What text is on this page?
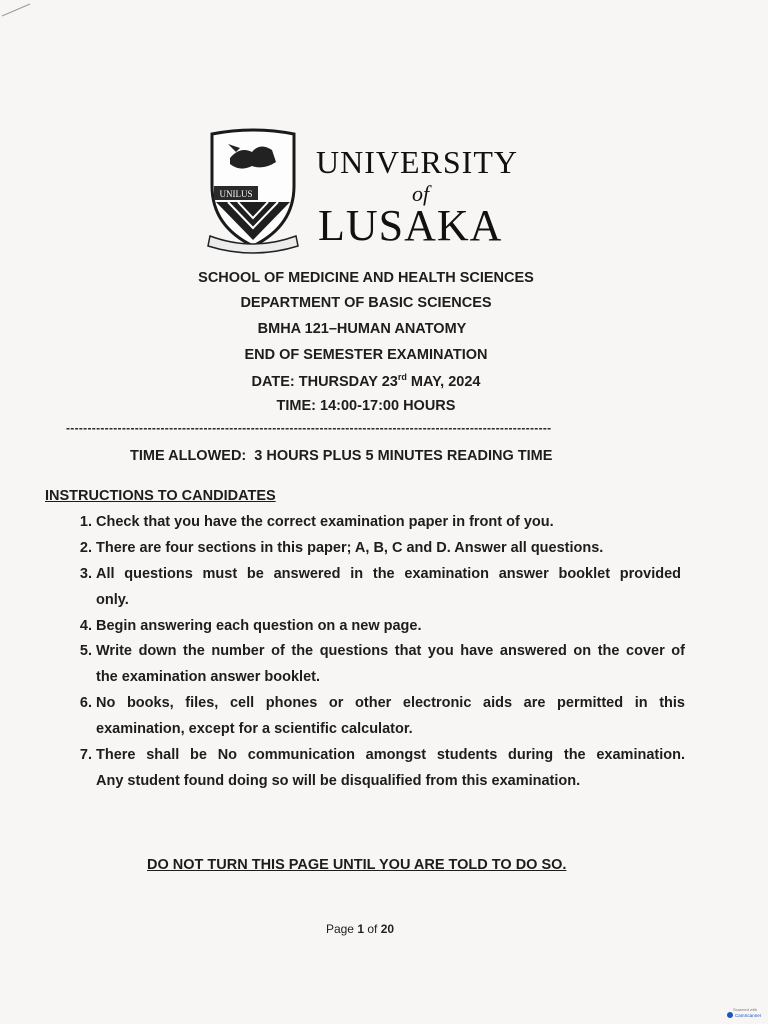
UNILUS
UNIVERSITY
of
LUSAKA
SCHOOL OF MEDICINE AND HEALTH SCIENCES
DEPARTMENT OF BASIC SCIENCES
BMHA 121–HUMAN ANATOMY
END OF SEMESTER EXAMINATION
DATE: THURSDAY 23rd MAY, 2024
TIME: 14:00-17:00 HOURS
-----------------------------------------------------------------------------------------------------------------
TIME ALLOWED:  3 HOURS PLUS 5 MINUTES READING TIME
INSTRUCTIONS TO CANDIDATES
1. Check that you have the correct examination paper in front of you.
2. There are four sections in this paper; A, B, C and D. Answer all questions.
3. All questions must be answered in the examination answer booklet provided
only.
4. Begin answering each question on a new page.
5. Write down the number of the questions that you have answered on the cover of
the examination answer booklet.
6. No books, files, cell phones or other electronic aids are permitted in this
examination, except for a scientific calculator.
7. There shall be No communication amongst students during the examination.
Any student found doing so will be disqualified from this examination.
DO NOT TURN THIS PAGE UNTIL YOU ARE TOLD TO DO SO.
Page 1 of 20
Scanned with
CamScanner
